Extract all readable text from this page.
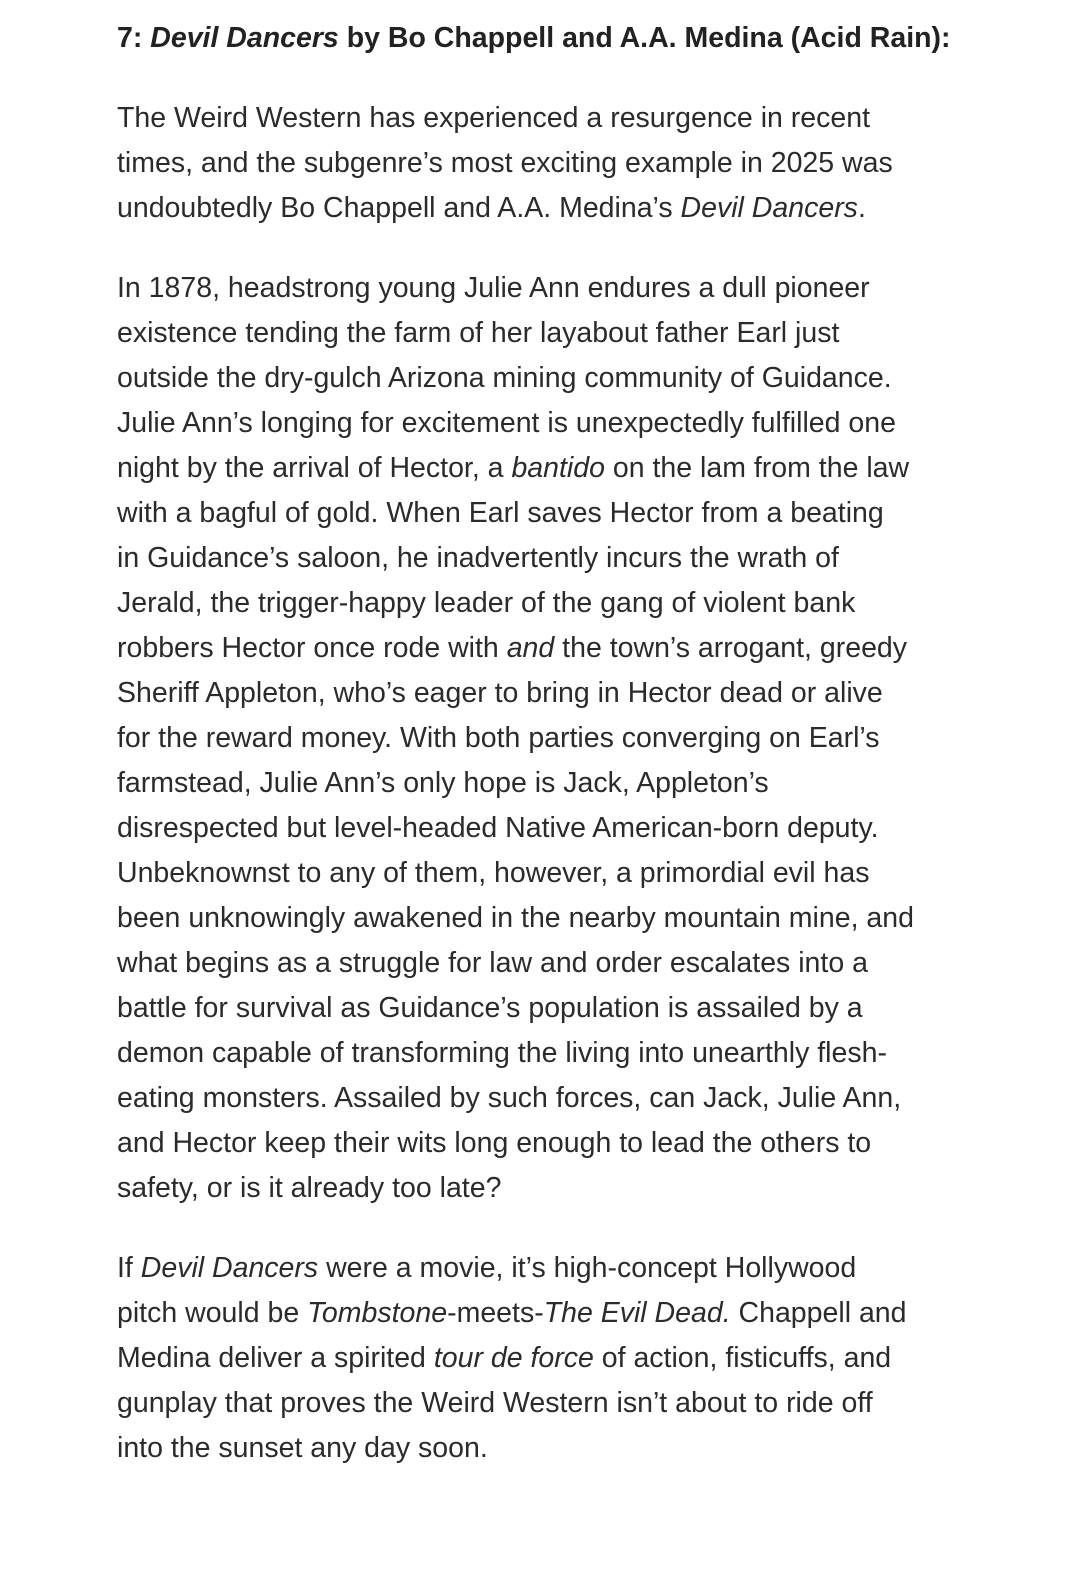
7: Devil Dancers by Bo Chappell and A.A. Medina (Acid Rain):
The Weird Western has experienced a resurgence in recent
times, and the subgenre’s most exciting example in 2025 was
undoubtedly Bo Chappell and A.A. Medina’s Devil Dancers.
In 1878, headstrong young Julie Ann endures a dull pioneer
existence tending the farm of her layabout father Earl just
outside the dry-gulch Arizona mining community of Guidance.
Julie Ann’s longing for excitement is unexpectedly fulfilled one
night by the arrival of Hector, a bantido on the lam from the law
with a bagful of gold. When Earl saves Hector from a beating
in Guidance’s saloon, he inadvertently incurs the wrath of
Jerald, the trigger-happy leader of the gang of violent bank
robbers Hector once rode with and the town’s arrogant, greedy
Sheriff Appleton, who’s eager to bring in Hector dead or alive
for the reward money. With both parties converging on Earl’s
farmstead, Julie Ann’s only hope is Jack, Appleton’s
disrespected but level-headed Native American-born deputy.
Unbeknownst to any of them, however, a primordial evil has
been unknowingly awakened in the nearby mountain mine, and
what begins as a struggle for law and order escalates into a
battle for survival as Guidance’s population is assailed by a
demon capable of transforming the living into unearthly flesh-
eating monsters. Assailed by such forces, can Jack, Julie Ann,
and Hector keep their wits long enough to lead the others to
safety, or is it already too late?
If Devil Dancers were a movie, it’s high-concept Hollywood
pitch would be Tombstone-meets-The Evil Dead. Chappell and
Medina deliver a spirited tour de force of action, fisticuffs, and
gunplay that proves the Weird Western isn’t about to ride off
into the sunset any day soon.
